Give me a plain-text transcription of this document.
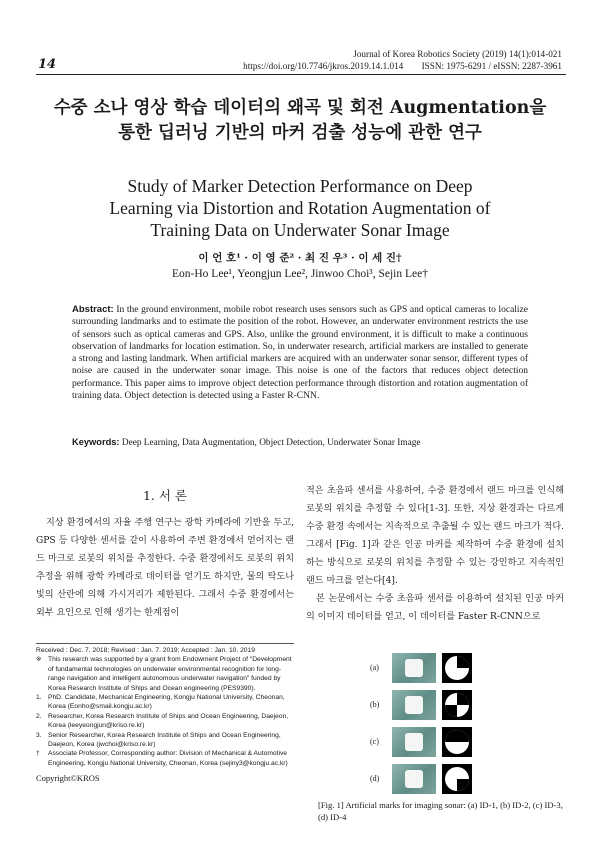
14
Journal of Korea Robotics Society (2019) 14(1):014-021
https://doi.org/10.7746/jkros.2019.14.1.014        ISSN: 1975-6291 / eISSN: 2287-3961
수중 소나 영상 학습 데이터의 왜곡 및 회전 Augmentation을
통한 딥러닝 기반의 마커 검출 성능에 관한 연구
Study of Marker Detection Performance on Deep
Learning via Distortion and Rotation Augmentation of
Training Data on Underwater Sonar Image
이 언 호¹ · 이 영 준² · 최 진 우³ · 이 세 진†
Eon-Ho Lee¹, Yeongjun Lee², Jinwoo Choi³, Sejin Lee†
Abstract: In the ground environment, mobile robot research uses sensors such as GPS and optical cameras to localize surrounding landmarks and to estimate the position of the robot. However, an underwater environment restricts the use of sensors such as optical cameras and GPS. Also, unlike the ground environment, it is difficult to make a continuous observation of landmarks for location estimation. So, in underwater research, artificial markers are installed to generate a strong and lasting landmark. When artificial markers are acquired with an underwater sonar sensor, different types of noise are caused in the underwater sonar image. This noise is one of the factors that reduces object detection performance. This paper aims to improve object detection performance through distortion and rotation augmentation of training data. Object detection is detected using a Faster R-CNN.
Keywords: Deep Learning, Data Augmentation, Object Detection, Underwater Sonar Image
1. 서 론

지상 환경에서의 자율 주행 연구는 광학 카메라에 기반을 두고, GPS 등 다양한 센서를 같이 사용하여 주변 환경에서 얻어지는 랜드 마크로 로봇의 위치를 추정한다. 수중 환경에서도 로봇의 위치 추정을 위해 광학 카메라로 데이터를 얻기도 하지만, 물의 탁도나 빛의 산란에 의해 가시거리가 제한된다. 그래서 수중 환경에서는 외부 요인으로 인해 생기는 한계점이

적은 초음파 센서를 사용하여, 수중 환경에서 랜드 마크를 인식해 로봇의 위치를 추정할 수 있다[1-3]. 또한, 지상 환경과는 다르게 수중 환경 속에서는 지속적으로 추출될 수 있는 랜드 마크가 적다. 그래서 [Fig. 1]과 같은 인공 마커를 제작하여 수중 환경에 설치하는 방식으로 로봇의 위치를 추정할 수 있는 강인하고 지속적인 랜드 마크를 얻는다[4].

본 논문에서는 수중 초음파 센서를 이용하여 설치된 인공 마커의 이미지 데이터를 얻고, 이 데이터를 Faster R-CNN으로

Received : Dec. 7. 2018; Revised : Jan. 7. 2019; Accepted : Jan. 10. 2019
※ This research was supported by a grant from Endowment Project of "Development of fundamental technologies on underwater environmental recognition for long-range navigation and intelligent autonomous underwater navigation" funded by Korea Research Institute of Ships and Ocean engineering (PES9390).
1. PhD. Candidate, Mechanical Engineering, Kongju National University, Cheonan, Korea (Eonho@smail.kongju.ac.kr)
2. Researcher, Korea Research Institute of Ships and Ocean Engineering, Daejeon, Korea (leeyeongjun@kriso.re.kr)
3. Senior Researcher, Korea Research Institute of Ships and Ocean Engineering, Daejeon, Korea (jwchoi@kriso.re.kr)
† Associate Professor, Corresponding author: Division of Mechanical & Automotive Engineering, Kongju National University, Cheonan, Korea (sejiny3@kongju.ac.kr)
Copyright©KROS
(a)
(b)
(c)
(d)
[Fig. 1] Artificial marks for imaging sonar: (a) ID-1, (b) ID-2, (c) ID-3, (d) ID-4
